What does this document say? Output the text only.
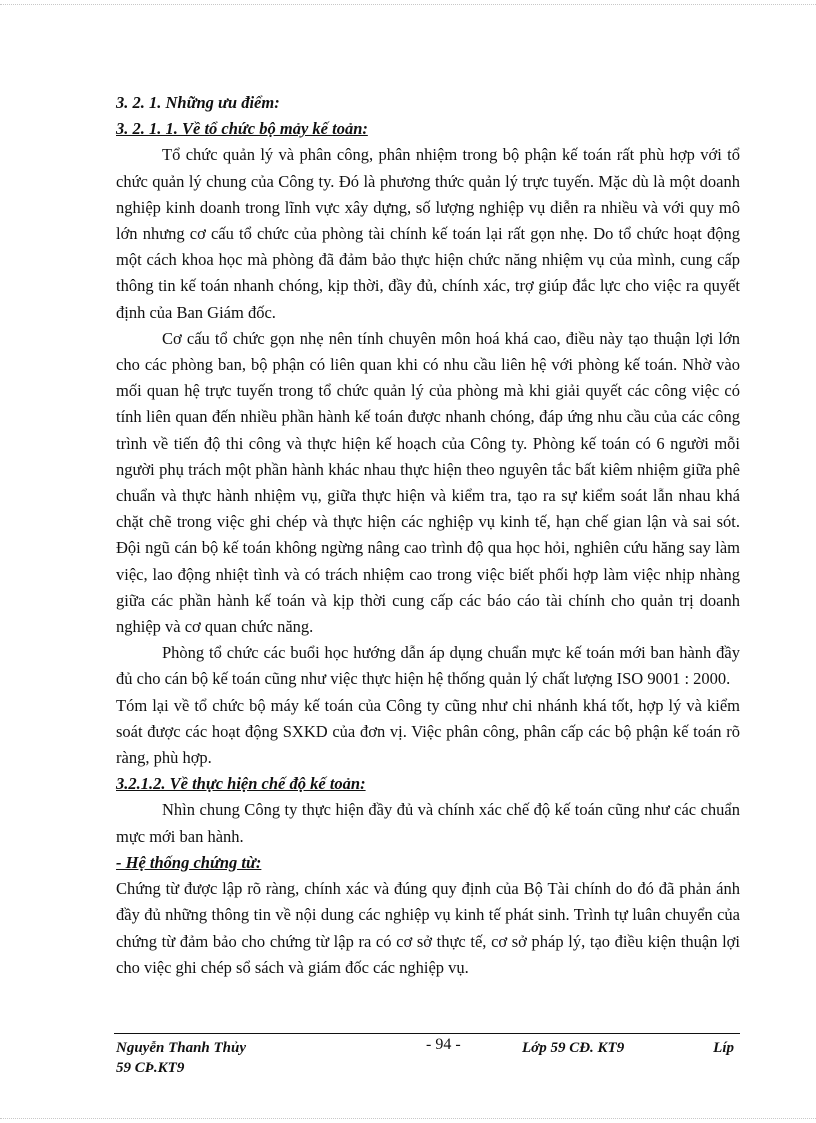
3. 2. 1. Những ưu điểm:

3. 2. 1. 1. Về tổ chức bộ mảy kế toản:

Tổ chức quản lý và phân công, phân nhiệm trong bộ phận kế toán rất phù hợp với tổ chức quản lý chung của Công ty. Đó là phương thức quản lý trực tuyến. Mặc dù là một doanh nghiệp kinh doanh trong lĩnh vực xây dựng, số lượng nghiệp vụ diễn ra nhiều và với quy mô lớn nhưng cơ cấu tổ chức của phòng tài chính kế toán lại rất gọn nhẹ. Do tổ chức hoạt động một cách khoa học mà phòng đã đảm bảo thực hiện chức năng nhiệm vụ của mình, cung cấp thông tin kế toán nhanh chóng, kịp thời, đầy đủ, chính xác, trợ giúp đắc lực cho việc ra quyết định của Ban Giám đốc.

Cơ cấu tổ chức gọn nhẹ nên tính chuyên môn hoá khá cao, điều này tạo thuận lợi lớn cho các phòng ban, bộ phận có liên quan khi có nhu cầu liên hệ với phòng kế toán. Nhờ vào mối quan hệ trực tuyến trong tổ chức quản lý của phòng mà khi giải quyết các công việc có tính liên quan đến nhiều phần hành kế toán được nhanh chóng, đáp ứng nhu cầu của các công trình về tiến độ thi công và thực hiện kế hoạch của Công ty. Phòng kế toán có 6 người mỗi người phụ trách một phần hành khác nhau thực hiện theo nguyên tắc bất kiêm nhiệm giữa phê chuẩn và thực hành nhiệm vụ, giữa thực hiện và kiểm tra, tạo ra sự kiểm soát lẫn nhau khá chặt chẽ trong việc ghi chép và thực hiện các nghiệp vụ kinh tế, hạn chế gian lận và sai sót. Đội ngũ cán bộ kế toán không ngừng nâng cao trình độ qua học hỏi, nghiên cứu hăng say làm việc, lao động nhiệt tình và có trách nhiệm cao trong việc biết phối hợp làm việc nhịp nhàng giữa các phần hành kế toán và kịp thời cung cấp các báo cáo tài chính cho quản trị doanh nghiệp và cơ quan chức năng.

Phòng tổ chức các buổi học hướng dẫn áp dụng chuẩn mực kế toán mới ban hành đầy đủ cho cán bộ kế toán cũng như việc thực hiện hệ thống quản lý chất lượng ISO 9001 : 2000.

Tóm lại về tổ chức bộ máy kế toán của Công ty cũng như chi nhánh khá tốt, hợp lý và kiểm soát được các hoạt động SXKD của đơn vị. Việc phân công, phân cấp các bộ phận kế toán rõ ràng, phù hợp.

3.2.1.2. Về thực hiện chế độ kế toản:

Nhìn chung Công ty thực hiện đầy đủ và chính xác chế độ kế toán cũng như các chuẩn mực mới ban hành.

- Hệ thống chứng từ:

Chứng từ được lập rõ ràng, chính xác và đúng quy định của Bộ Tài chính do đó đã phản ánh đầy đủ những thông tin về nội dung các nghiệp vụ kinh tế phát sinh. Trình tự luân chuyển của chứng từ đảm bảo cho chứng từ lập ra có cơ sở thực tế, cơ sở pháp lý, tạo điều kiện thuận lợi cho việc ghi chép sổ sách và giám đốc các nghiệp vụ.

Nguyễn Thanh Thủy	- 94 -	Lớp 59 CĐ. KT9	Líp
59 CÞ.KT9
